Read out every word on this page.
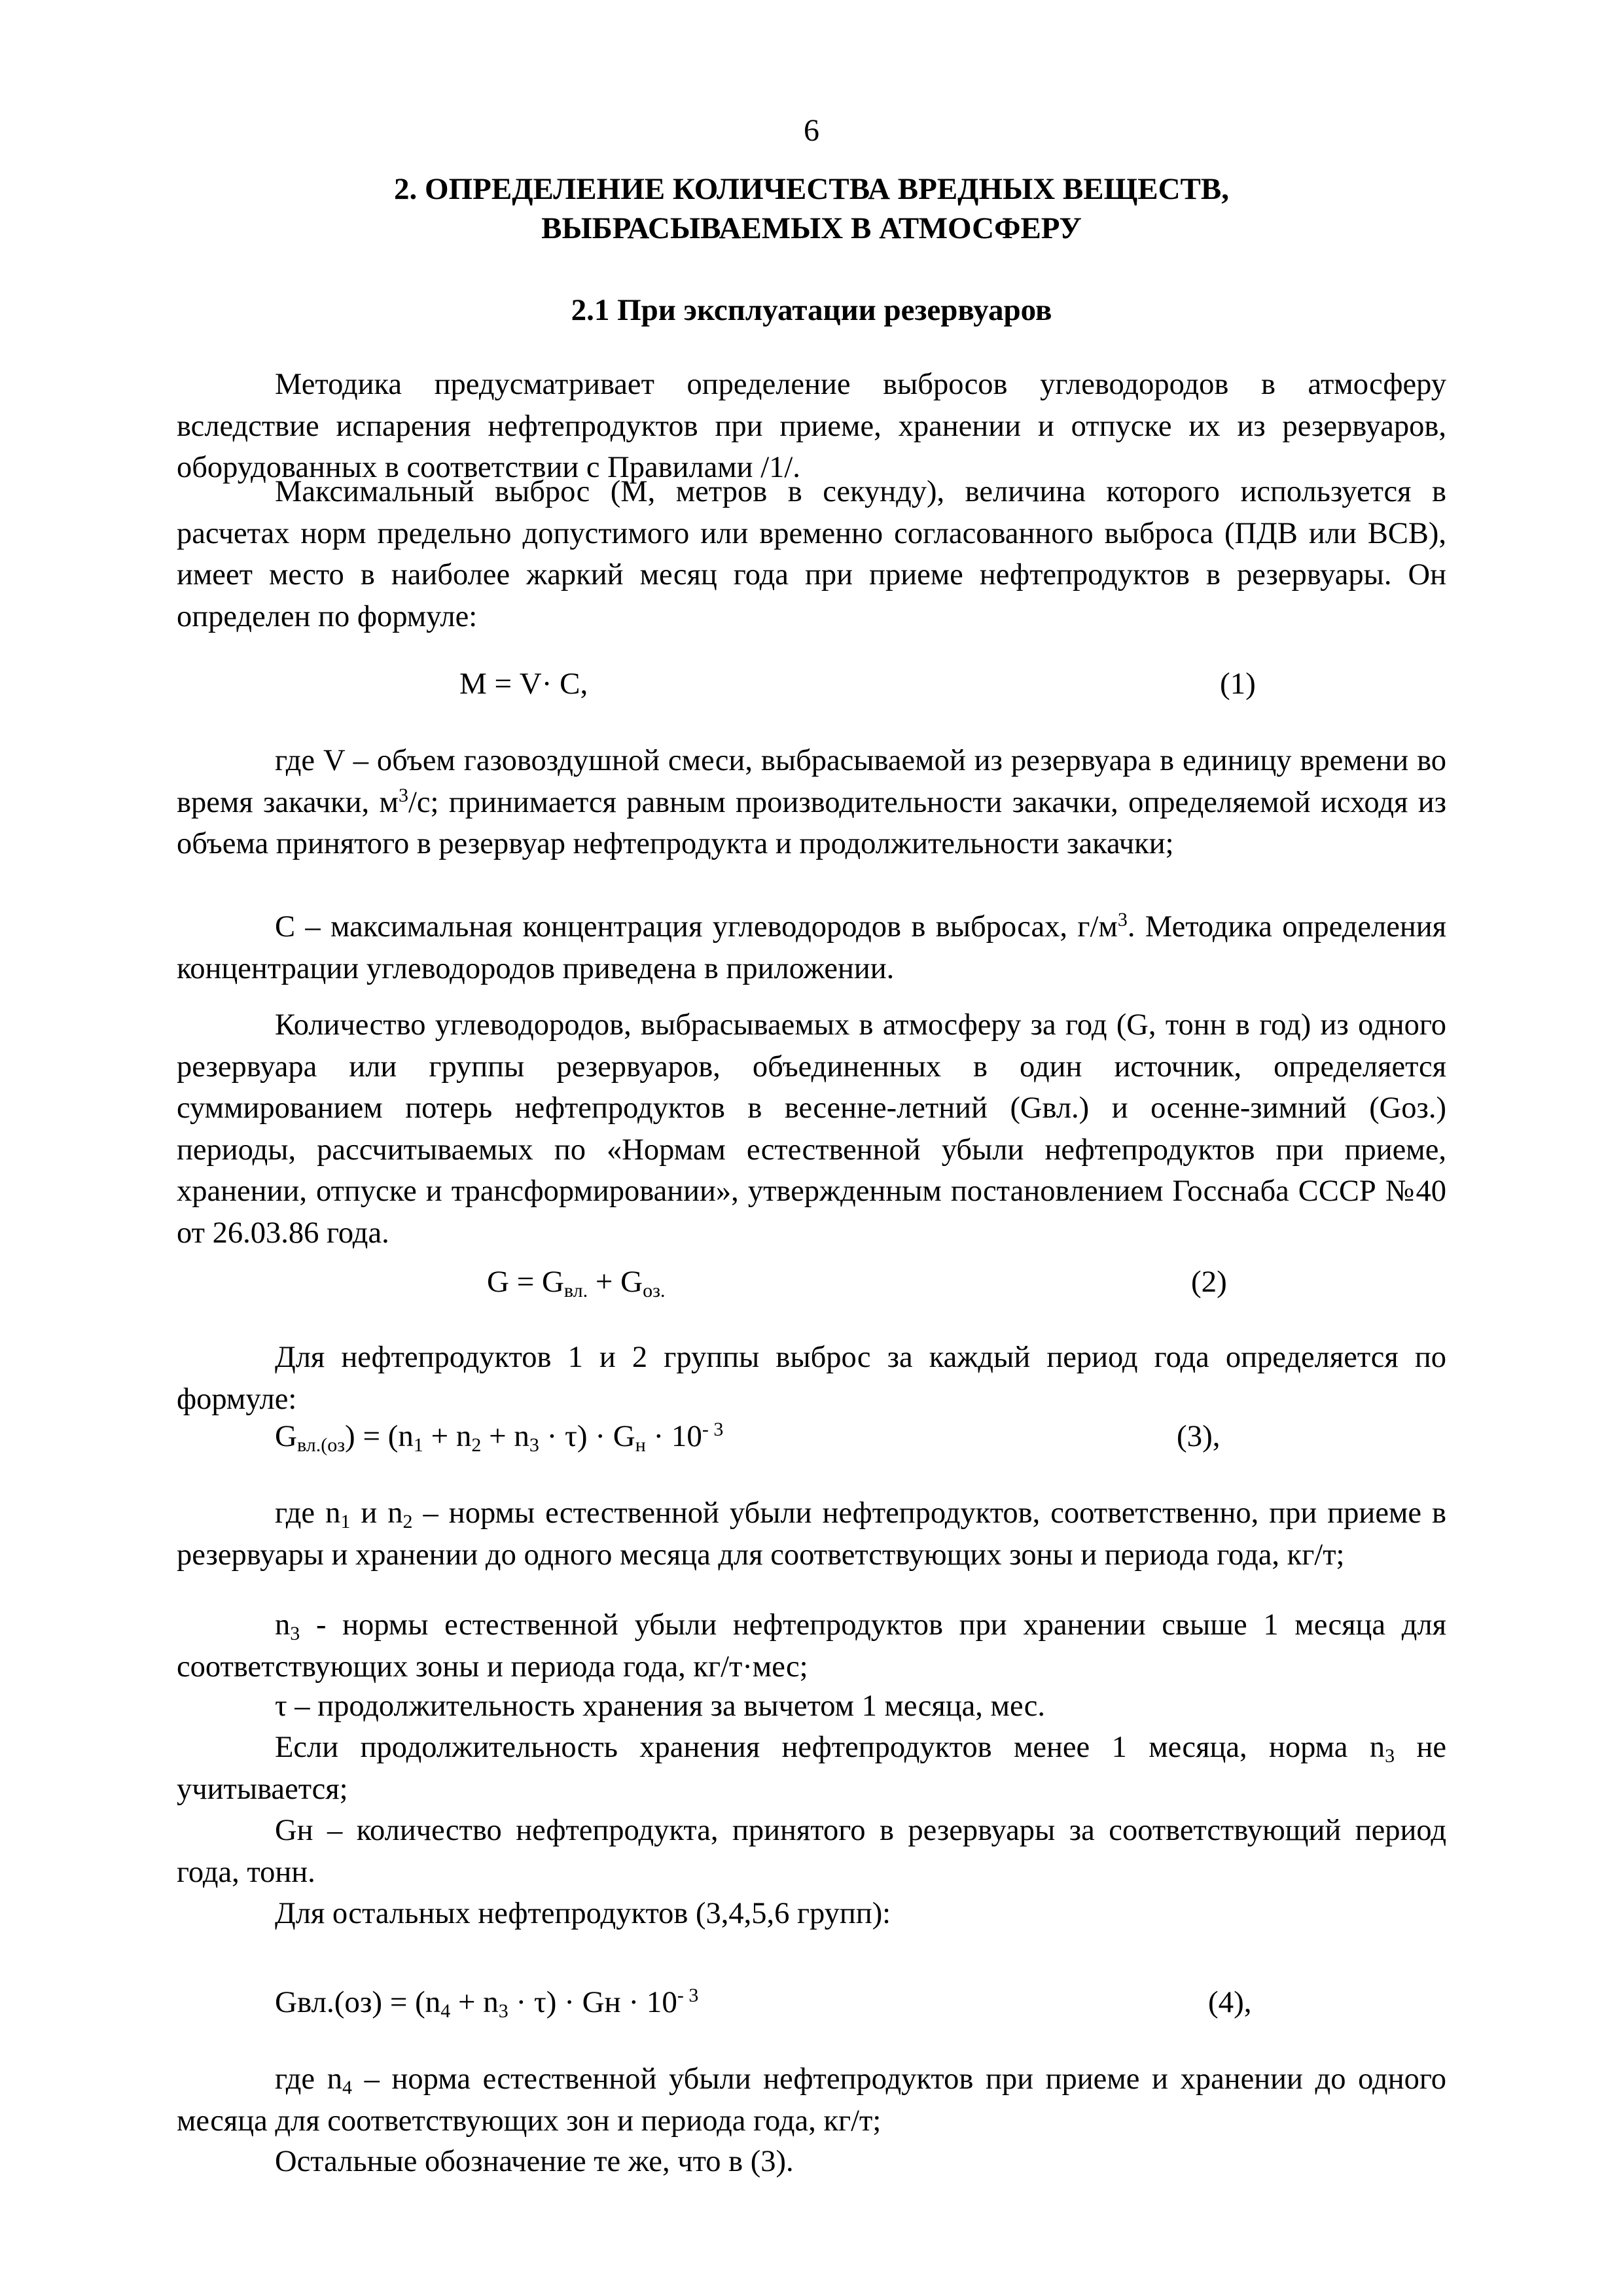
6
2. ОПРЕДЕЛЕНИЕ КОЛИЧЕСТВА ВРЕДНЫХ ВЕЩЕСТВ,
ВЫБРАСЫВАЕМЫХ В АТМОСФЕРУ
2.1 При эксплуатации резервуаров
Методика предусматривает определение выбросов углеводородов в атмосферу вследствие испарения нефтепродуктов при приеме, хранении и отпуске их из резервуаров, оборудованных в соответствии с Правилами /1/.
Максимальный выброс (М, метров в секунду), величина которого используется в расчетах норм предельно допустимого или временно согласованного выброса (ПДВ или ВСВ), имеет место в наиболее жаркий месяц года при приеме нефтепродуктов в резервуары. Он определен по формуле:
М = V· С,	(1)
где V – объем газовоздушной смеси, выбрасываемой из резервуара в единицу времени во время закачки, $м^3/с$; принимается равным производительности закачки, определяемой исходя из объема принятого в резервуар нефтепродукта и продолжительности закачки;
С – максимальная концентрация углеводородов в выбросах, $г/м^3$. Методика определения концентрации углеводородов приведена в приложении.
Количество углеводородов, выбрасываемых в атмосферу за год (G, тонн в год) из одного резервуара или группы резервуаров, объединенных в один источник, определяется суммированием потерь нефтепродуктов в весенне-летний (Gвл.) и осенне-зимний (Gоз.) периоды, рассчитываемых по «Нормам естественной убыли нефтепродуктов при приеме, хранении, отпуске и трансформировании», утвержденным постановлением Госснаба СССР №40 от 26.03.86 года.
$G = G_{вл.} + G_{оз.}$	(2)
Для нефтепродуктов 1 и 2 группы выброс за каждый период года определяется по формуле:
$G_{вл.(оз}) = (n_1 + n_2 + n_3 \cdot \tau) \cdot G_н \cdot 10^{- 3}$	(3),
где $n_1$ и $n_2$ – нормы естественной убыли нефтепродуктов, соответственно, при приеме в резервуары и хранении до одного месяца для соответствующих зоны и периода года, кг/т;
$n_3$ - нормы естественной убыли нефтепродуктов при хранении свыше 1 месяца для соответствующих зоны и периода года, кг/т·мес;
τ – продолжительность хранения за вычетом 1 месяца, мес.
Если продолжительность хранения нефтепродуктов менее 1 месяца, норма $n_3$ не учитывается;
Gн – количество нефтепродукта, принятого в резервуары за соответствующий период года, тонн.
Для остальных нефтепродуктов (3,4,5,6 групп):
$Gвл.(оз) = (n_4 + n_3 \cdot \tau)$ · Gн · $10^{- 3}$	(4),
где $n_4$ – норма естественной убыли нефтепродуктов при приеме и хранении до одного месяца для соответствующих зон и периода года, кг/т;
Остальные обозначение те же, что в (3).
